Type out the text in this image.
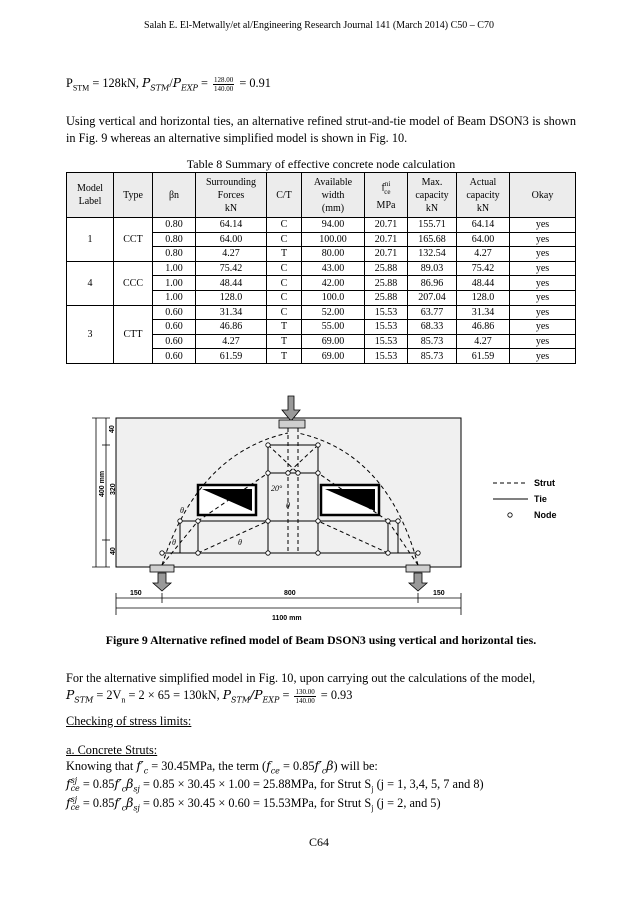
Salah E. El-Metwally/et al/Engineering Research Journal 141 (March 2014) C50 – C70
$P_{STM} = 128kN$, $P_{STM}/P_{EXP} = \frac{128.00}{140.00} = 0.91$
Using vertical and horizontal ties, an alternative refined strut-and-tie model of Beam DSON3 is shown in Fig. 9 whereas an alternative simplified model is shown in Fig. 10.
Table 8 Summary of effective concrete node calculation
Model
Label	Type	βn	Surrounding
Forces
kN	C/T	Available
width
(mm)	$f^{ni}_{ce}$
MPa	Max.
capacity
kN	Actual
capacity
kN	Okay
1	CCT	0.80	64.14	C	94.00	20.71	155.71	64.14	yes
		0.80	64.00	C	100.00	20.71	165.68	64.00	yes
		0.80	4.27	T	80.00	20.71	132.54	4.27	yes
4	CCC	1.00	75.42	C	43.00	25.88	89.03	75.42	yes
		1.00	48.44	C	42.00	25.88	86.96	48.44	yes
		1.00	128.0	C	100.0	25.88	207.04	128.0	yes
3	CTT	0.60	31.34	C	52.00	15.53	63.77	31.34	yes
		0.60	46.86	T	55.00	15.53	68.33	46.86	yes
		0.60	4.27	T	69.00	15.53	85.73	4.27	yes
		0.60	61.59	T	69.00	15.53	85.73	61.59	yes
θ
θ
20°
θ
θ
150	800	150
1100 mm
400 mm 320
40
40
Strut
Tie
Node
Figure 9 Alternative refined model of Beam DSON3 using vertical and horizontal ties.
For the alternative simplified model in Fig. 10, upon carrying out the calculations of the model,
$P_{STM} = 2V_n = 2 \times 65 = 130kN$, $P_{STM}/P_{EXP} = \frac{130.00}{140.00} = 0.93$
Checking of stress limits:
a. Concrete Struts:
Knowing that $f'_c = 30.45MPa$, the term $(f_{ce} = 0.85f'_c\beta)$ will be:
f sj
ce = $0.85f'_c\beta_{sj} = 0.85 \times 30.45 \times 1.00 = 25.88MPa$, for Strut $S_j$ (j = 1, 3,4, 5, 7 and 8)
f sj
ce = $0.85f'_c\beta_{sj} = 0.85 \times 30.45 \times 0.60 = 15.53MPa$, for Strut $S_j$ (j = 2, and 5)
C64
